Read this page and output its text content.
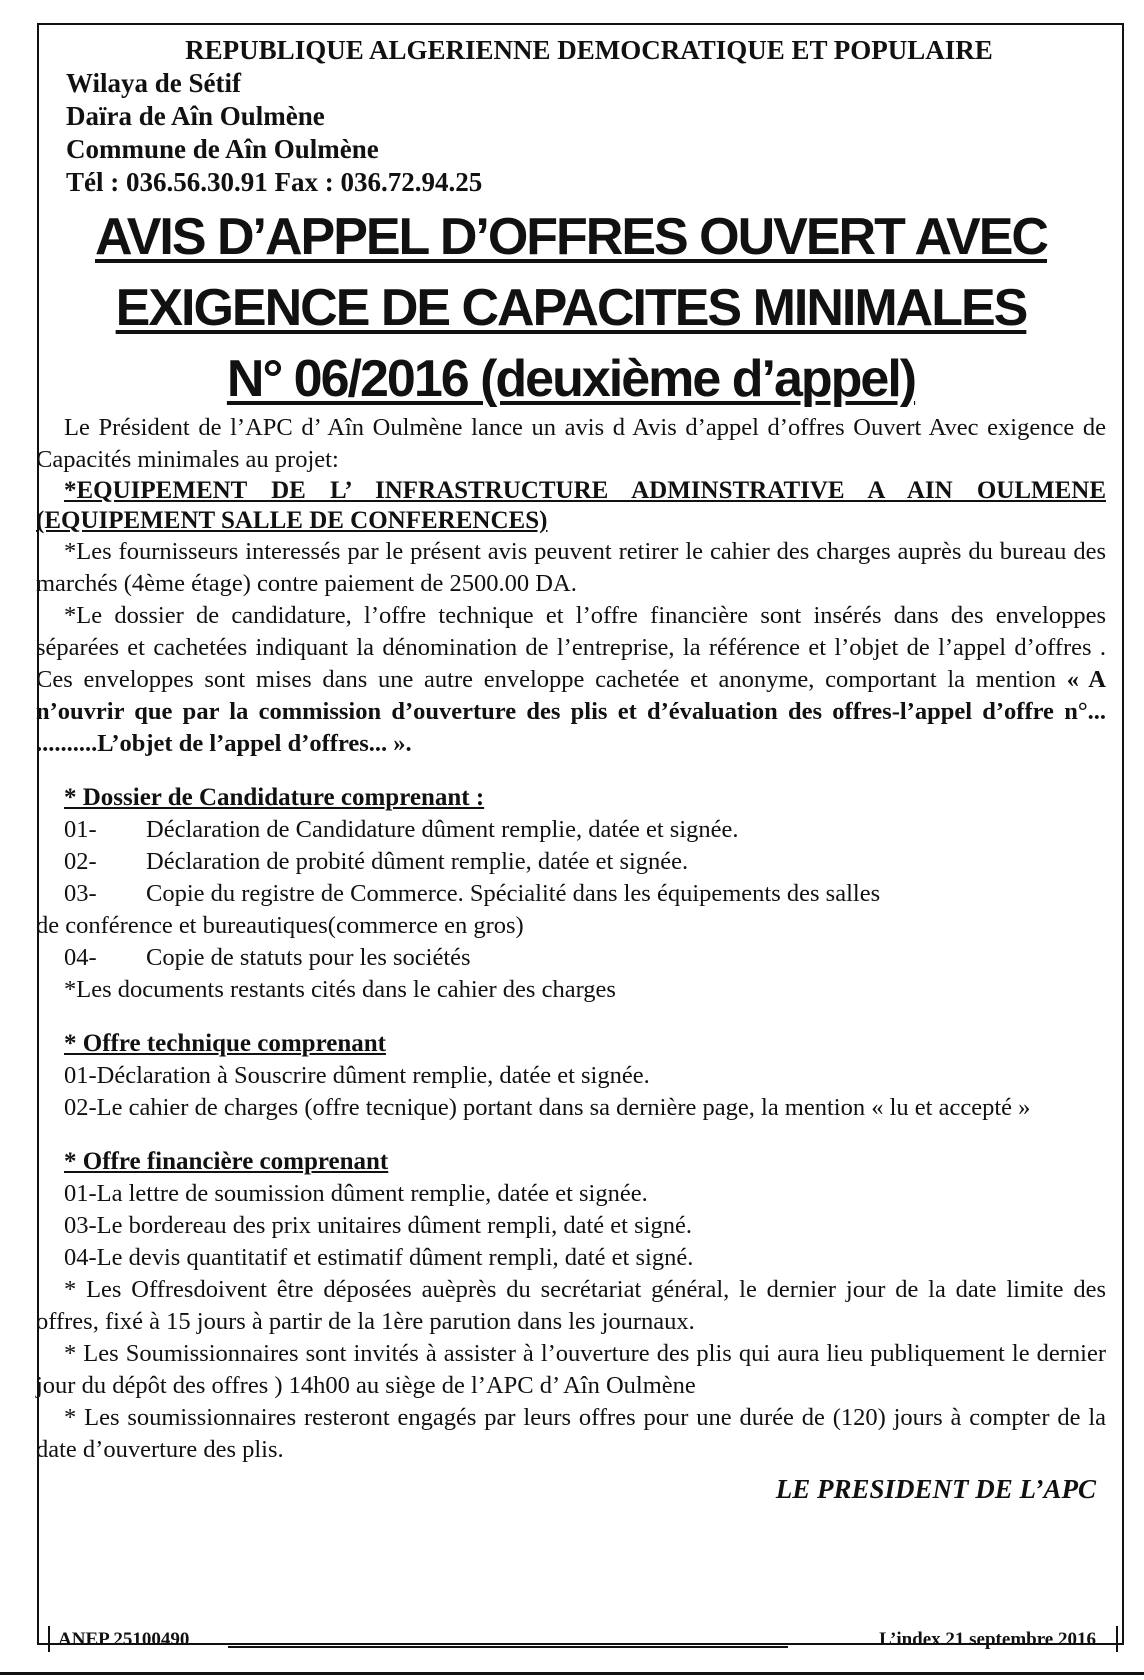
REPUBLIQUE ALGERIENNE DEMOCRATIQUE ET POPULAIRE
Wilaya de Sétif
Daïra de Aîn Oulmène
Commune de Aîn Oulmène
Tél : 036.56.30.91 Fax : 036.72.94.25
AVIS D’APPEL D’OFFRES OUVERT AVEC
EXIGENCE DE CAPACITES MINIMALES
N° 06/2016 (deuxième d’appel)
Le Président de l’APC d’ Aîn Oulmène lance un avis d Avis d’appel d’offres Ouvert Avec exigence de Capacités minimales au projet:
*EQUIPEMENT DE L’ INFRASTRUCTURE ADMINSTRATIVE A AIN OULMENE (EQUIPEMENT SALLE DE CONFERENCES)
*Les fournisseurs interessés par le présent avis peuvent retirer le cahier des charges auprès du bureau des marchés (4ème étage) contre paiement de 2500.00 DA.
*Le dossier de candidature, l’offre technique et l’offre financière sont insérés dans des enveloppes séparées et cachetées indiquant la dénomination de l’entreprise, la référence et l’objet de l’appel d’offres . Ces enveloppes sont mises dans une autre enveloppe cachetée et anonyme, comportant la mention « A n’ouvrir que par la commission d’ouverture des plis et d’évaluation des offres-l’appel d’offre n°... ..........L’objet de l’appel d’offres... ».
* Dossier de Candidature comprenant :
01- Déclaration de Candidature dûment remplie, datée et signée.
02- Déclaration de probité dûment remplie, datée et signée.
03- Copie du registre de Commerce. Spécialité dans les équipements des salles
de conférence et bureautiques(commerce en gros)
04- Copie de statuts pour les sociétés
*Les documents restants cités dans le cahier des charges
* Offre technique comprenant
01-Déclaration à Souscrire dûment remplie, datée et signée.
02-Le cahier de charges (offre tecnique) portant dans sa dernière page, la mention « lu et accepté »
* Offre financière comprenant
01-La lettre de soumission dûment remplie, datée et signée.
03-Le bordereau des prix unitaires dûment rempli, daté et signé.
04-Le devis quantitatif et estimatif dûment rempli, daté et signé.
* Les Offresdoivent être déposées auèprès du secrétariat général, le dernier jour de la date limite des offres, fixé à 15 jours à partir de la 1ère parution dans les journaux.
* Les Soumissionnaires sont invités à assister à l’ouverture des plis qui aura lieu publiquement le dernier jour du dépôt des offres ) 14h00 au siège de l’APC d’ Aîn Oulmène
* Les soumissionnaires resteront engagés par leurs offres pour une durée de (120) jours à compter de la date d’ouverture des plis.
LE PRESIDENT DE L’APC
ANEP 25100490	L’index 21 septembre 2016
